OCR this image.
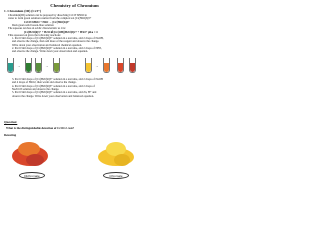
Chemistry of Chromium
1. Chromium (III) (Cr3+)
Chromium(III) solution can be prepared by dissolving CrCl3·6H2O in
water to form green solution resulted from the complex ion [Cr(H2O)6]3+
CrCl3·6H2O + H2O → [Cr(H2O)6]3+
Dark green solid Green-blue solution
The aqueous ion has an acidic characteristic as it is:
[Cr(H2O)6]3+ + H2O ⇌ [Cr(OH)(H2O)5]2+ + H3O+ pKa = 4
This aqueous ion gives the following reactions:
1. Put 0.5ml drops of [Cr(H2O)6]3+ solution in a test tube, add 2 drops of NaOH,
and observe the change, then add more of the reagent and observe the change.
Write down your observation and balanced chemical equation.
2. Put 0.5ml drops of [Cr(H2O)6]3+ solution in a test tube, add 2 drops of NH3,
and observe the change. Write down your observation and equation.
→	→	→
3. Put 0.5ml drops of [Cr(H2O)6]3+ solution in a test tube, add 2 drops of NaOH
and 4 drops of H2O2, then warm and observe the change.
4. Put 0.5ml drops of [Cr(H2O)6]3+ solution in a test tube, add 2 drops of
Na2CO3 solution and observe the change.
5. Put 0.5ml drops of [Cr(H2O)6]3+ solution in a test tube, add Zn, H+ and
observe the change. Write down your observation and balanced equation.
Question:
What is the distinguishable detection of CrO4 2- ion?
Detecting
Dichromate	Chromate
